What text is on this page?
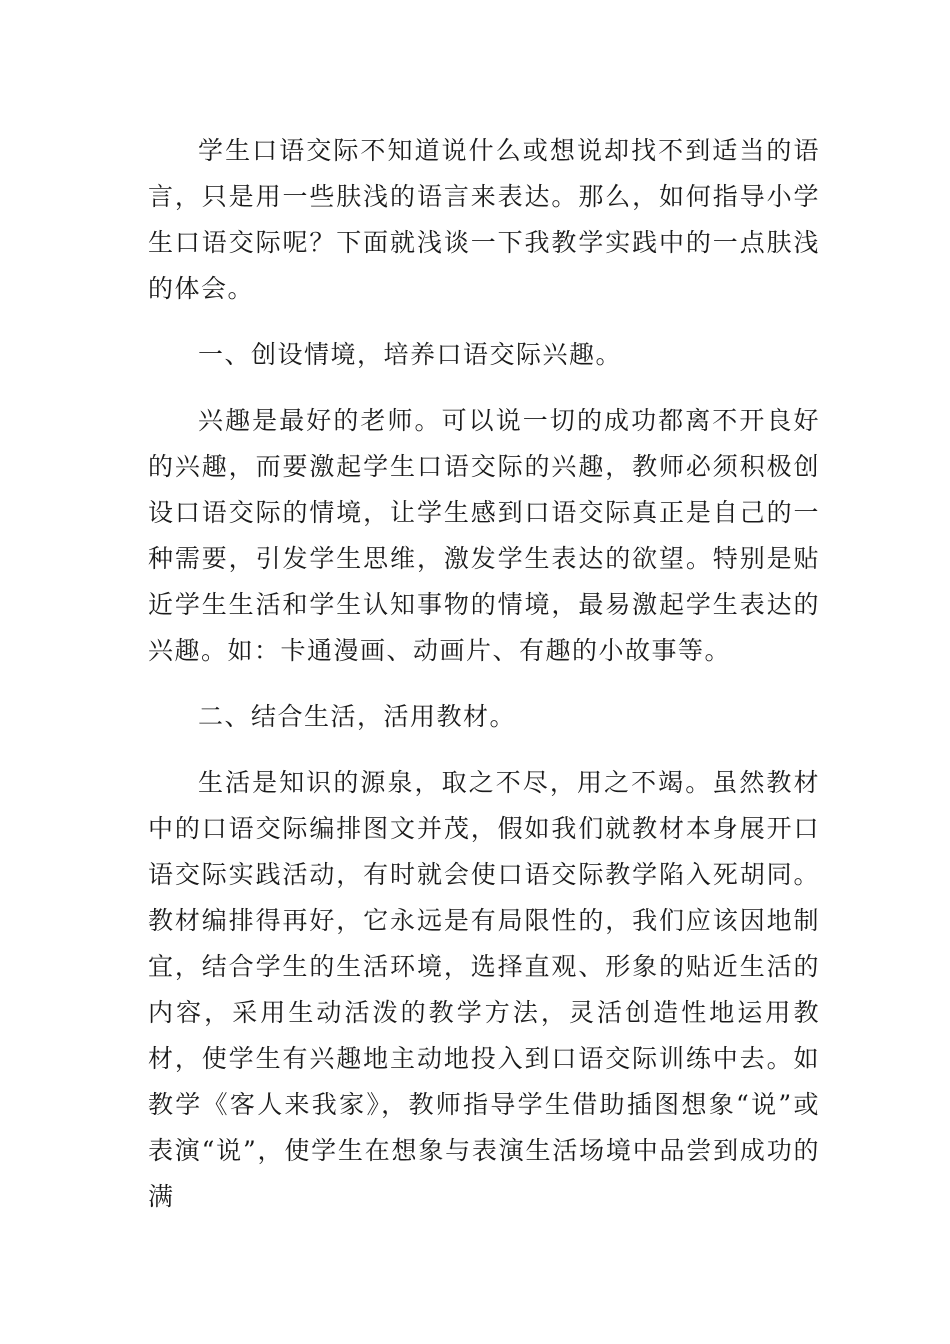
学生口语交际不知道说什么或想说却找不到适当的语言，只是用一些肤浅的语言来表达。那么，如何指导小学生口语交际呢？下面就浅谈一下我教学实践中的一点肤浅的体会。

一、创设情境，培养口语交际兴趣。

兴趣是最好的老师。可以说一切的成功都离不开良好的兴趣，而要激起学生口语交际的兴趣，教师必须积极创设口语交际的情境，让学生感到口语交际真正是自己的一种需要，引发学生思维，激发学生表达的欲望。特别是贴近学生生活和学生认知事物的情境，最易激起学生表达的兴趣。如：卡通漫画、动画片、有趣的小故事等。

二、结合生活，活用教材。

生活是知识的源泉，取之不尽，用之不竭。虽然教材中的口语交际编排图文并茂，假如我们就教材本身展开口语交际实践活动，有时就会使口语交际教学陷入死胡同。教材编排得再好，它永远是有局限性的，我们应该因地制宜，结合学生的生活环境，选择直观、形象的贴近生活的内容，采用生动活泼的教学方法，灵活创造性地运用教材，使学生有兴趣地主动地投入到口语交际训练中去。如教学《客人来我家》，教师指导学生借助插图想象“说”或表演“说”，使学生在想象与表演生活场境中品尝到成功的满
